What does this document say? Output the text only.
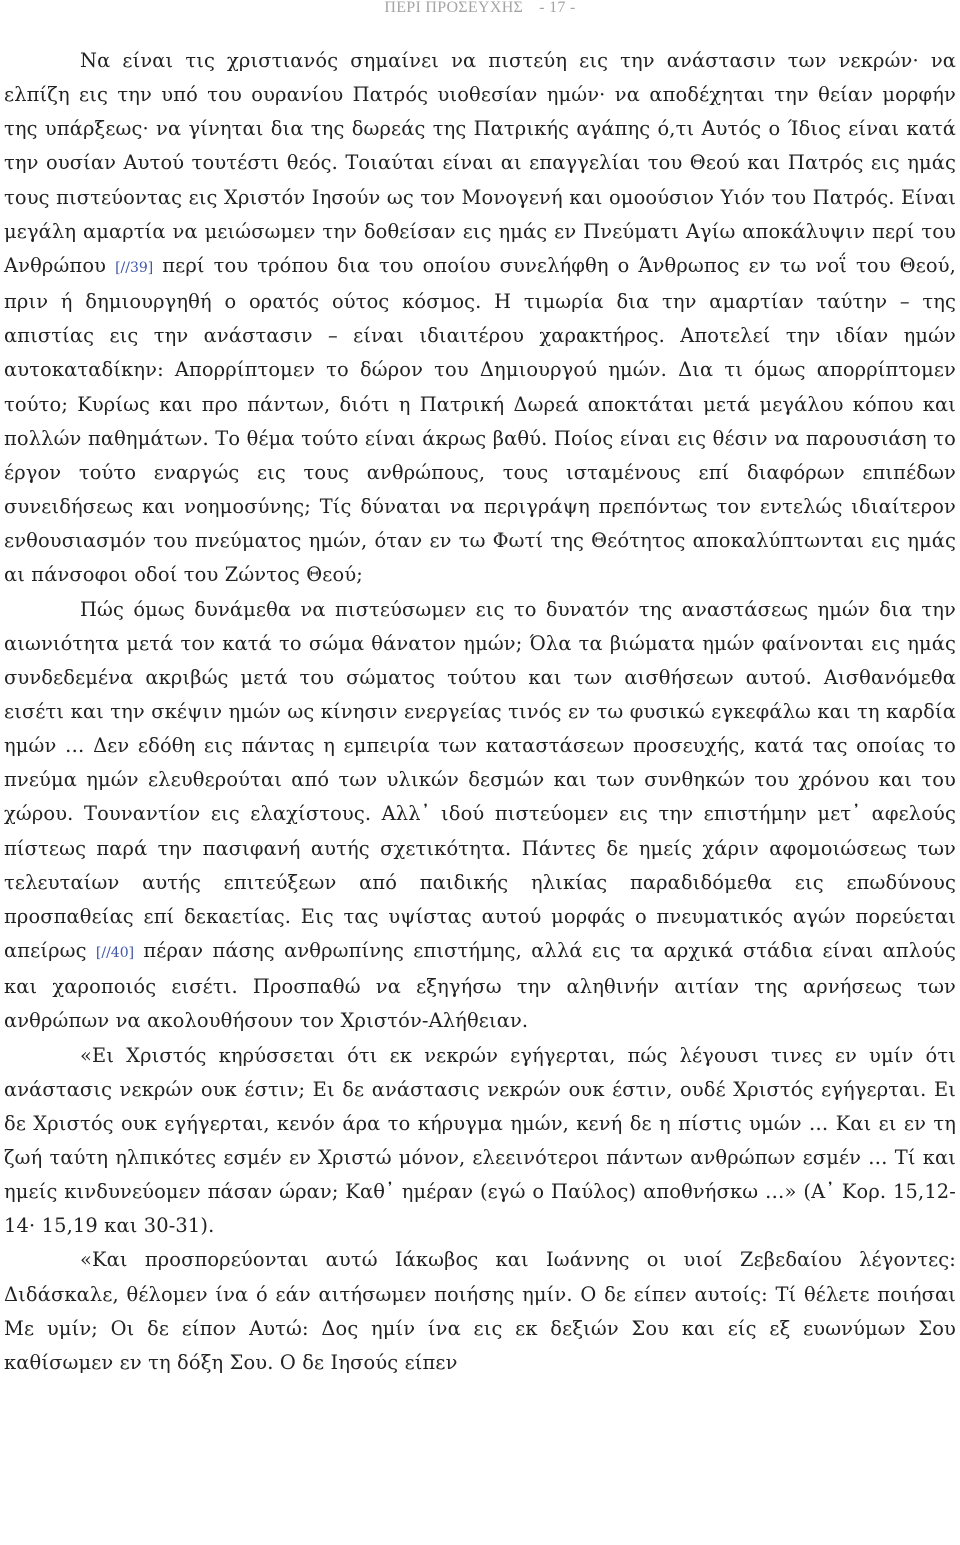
ΠΕΡΙ ΠΡΟΣΕΥΧΗΣ - 17 -

Να είναι τις χριστιανός σημαίνει να πιστεύη εις την ανάστασιν των νεκρών· να ελπίζη εις την υπό του ουρανίου Πατρός υιοθεσίαν ημών· να αποδέχηται την θείαν μορφήν της υπάρξεως· να γίνηται δια της δωρεάς της Πατρικής αγάπης ό,τι Αυτός ο Ίδιος είναι κατά την ουσίαν Αυτού τουτέστι θεός. Τοιαύται είναι αι επαγγελίαι του Θεού και Πατρός εις ημάς τους πιστεύοντας εις Χριστόν Ιησούν ως τον Μονογενή και ομοούσιον Υιόν του Πατρός. Είναι μεγάλη αμαρτία να μειώσωμεν την δοθείσαν εις ημάς εν Πνεύματι Αγίω αποκάλυψιν περί του Ανθρώπου [//39] περί του τρόπου δια του οποίου συνελήφθη ο Άνθρωπος εν τω νοΐ του Θεού, πριν ή δημιουργηθή ο ορατός ούτος κόσμος. Η τιμωρία δια την αμαρτίαν ταύτην – της απιστίας εις την ανάστασιν – είναι ιδιαιτέρου χαρακτήρος. Αποτελεί την ιδίαν ημών αυτοκαταδίκην: Απορρίπτομεν το δώρον του Δημιουργού ημών. Δια τι όμως απορρίπτομεν τούτο; Κυρίως και προ πάντων, διότι η Πατρική Δωρεά αποκτάται μετά μεγάλου κόπου και πολλών παθημάτων. Το θέμα τούτο είναι άκρως βαθύ. Ποίος είναι εις θέσιν να παρουσιάση το έργον τούτο εναργώς εις τους ανθρώπους, τους ισταμένους επί διαφόρων επιπέδων συνειδήσεως και νοημοσύνης; Τίς δύναται να περιγράψη πρεπόντως τον εντελώς ιδιαίτερον ενθουσιασμόν του πνεύματος ημών, όταν εν τω Φωτί της Θεότητος αποκαλύπτωνται εις ημάς αι πάνσοφοι οδοί του Ζώντος Θεού;

Πώς όμως δυνάμεθα να πιστεύσωμεν εις το δυνατόν της αναστάσεως ημών δια την αιωνιότητα μετά τον κατά το σώμα θάνατον ημών; Όλα τα βιώματα ημών φαίνονται εις ημάς συνδεδεμένα ακριβώς μετά του σώματος τούτου και των αισθήσεων αυτού. Αισθανόμεθα εισέτι και την σκέψιν ημών ως κίνησιν ενεργείας τινός εν τω φυσικώ εγκεφάλω και τη καρδία ημών … Δεν εδόθη εις πάντας η εμπειρία των καταστάσεων προσευχής, κατά τας οποίας το πνεύμα ημών ελευθερούται από των υλικών δεσμών και των συνθηκών του χρόνου και του χώρου. Τουναντίον εις ελαχίστους. Αλλ᾽ ιδού πιστεύομεν εις την επιστήμην μετ᾽ αφελούς πίστεως παρά την πασιφανή αυτής σχετικότητα. Πάντες δε ημείς χάριν αφομοιώσεως των τελευταίων αυτής επιτεύξεων από παιδικής ηλικίας παραδιδόμεθα εις επωδύνους προσπαθείας επί δεκαετίας. Εις τας υψίστας αυτού μορφάς ο πνευματικός αγών πορεύεται απείρως [//40] πέραν πάσης ανθρωπίνης επιστήμης, αλλά εις τα αρχικά στάδια είναι απλούς και χαροποιός εισέτι. Προσπαθώ να εξηγήσω την αληθινήν αιτίαν της αρνήσεως των ανθρώπων να ακολουθήσουν τον Χριστόν-Αλήθειαν.

«Ει Χριστός κηρύσσεται ότι εκ νεκρών εγήγερται, πώς λέγουσι τινες εν υμίν ότι ανάστασις νεκρών ουκ έστιν; Ει δε ανάστασις νεκρών ουκ έστιν, ουδέ Χριστός εγήγερται. Ει δε Χριστός ουκ εγήγερται, κενόν άρα το κήρυγμα ημών, κενή δε η πίστις υμών … Και ει εν τη ζωή ταύτη ηλπικότες εσμέν εν Χριστώ μόνον, ελεεινότεροι πάντων ανθρώπων εσμέν … Τί και ημείς κινδυνεύομεν πάσαν ώραν; Καθ᾽ ημέραν (εγώ ο Παύλος) αποθνήσκω …» (Α᾽ Κορ. 15,12-14· 15,19 και 30-31).

«Και προσπορεύονται αυτώ Ιάκωβος και Ιωάννης οι υιοί Ζεβεδαίου λέγοντες: Διδάσκαλε, θέλομεν ίνα ό εάν αιτήσωμεν ποιήσης ημίν. Ο δε είπεν αυτοίς: Τί θέλετε ποιήσαι Με υμίν; Οι δε είπον Αυτώ: Δος ημίν ίνα εις εκ δεξιών Σου και είς εξ ευωνύμων Σου καθίσωμεν εν τη δόξη Σου. Ο δε Ιησούς είπεν
